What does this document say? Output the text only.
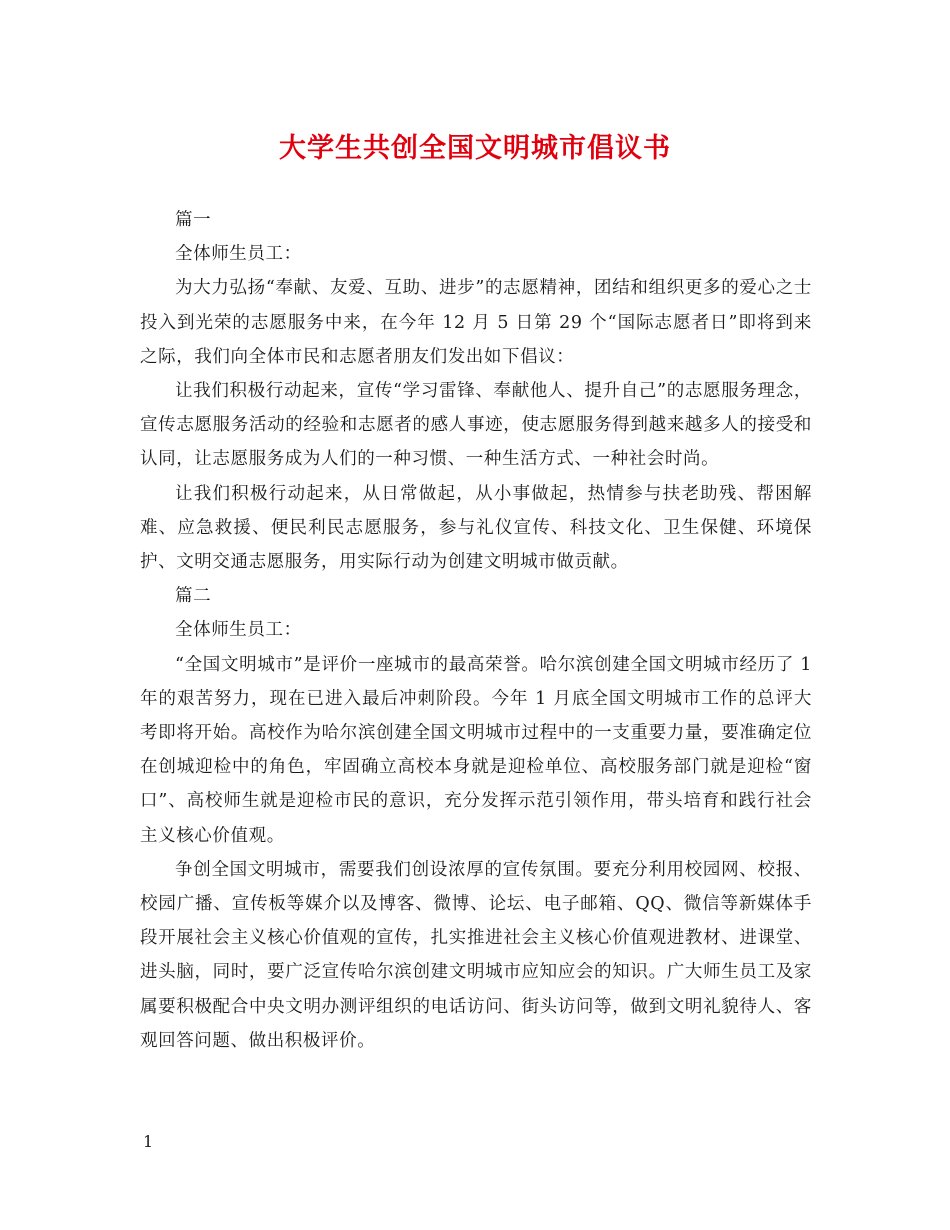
大学生共创全国文明城市倡议书

篇一

全体师生员工：

为大力弘扬“奉献、友爱、互助、进步”的志愿精神，团结和组织更多的爱心之士投入到光荣的志愿服务中来，在今年 12 月 5 日第 29 个“国际志愿者日”即将到来之际，我们向全体市民和志愿者朋友们发出如下倡议：

让我们积极行动起来，宣传“学习雷锋、奉献他人、提升自己”的志愿服务理念，宣传志愿服务活动的经验和志愿者的感人事迹，使志愿服务得到越来越多人的接受和认同，让志愿服务成为人们的一种习惯、一种生活方式、一种社会时尚。

让我们积极行动起来，从日常做起，从小事做起，热情参与扶老助残、帮困解难、应急救援、便民利民志愿服务，参与礼仪宣传、科技文化、卫生保健、环境保护、文明交通志愿服务，用实际行动为创建文明城市做贡献。

篇二

全体师生员工：

“全国文明城市”是评价一座城市的最高荣誉。哈尔滨创建全国文明城市经历了 1 年的艰苦努力，现在已进入最后冲刺阶段。今年 1 月底全国文明城市工作的总评大考即将开始。高校作为哈尔滨创建全国文明城市过程中的一支重要力量，要准确定位在创城迎检中的角色，牢固确立高校本身就是迎检单位、高校服务部门就是迎检“窗口”、高校师生就是迎检市民的意识，充分发挥示范引领作用，带头培育和践行社会主义核心价值观。

争创全国文明城市，需要我们创设浓厚的宣传氛围。要充分利用校园网、校报、校园广播、宣传板等媒介以及博客、微博、论坛、电子邮箱、QQ、微信等新媒体手段开展社会主义核心价值观的宣传，扎实推进社会主义核心价值观进教材、进课堂、进头脑，同时，要广泛宣传哈尔滨创建文明城市应知应会的知识。广大师生员工及家属要积极配合中央文明办测评组织的电话访问、街头访问等，做到文明礼貌待人、客观回答问题、做出积极评价。

1
